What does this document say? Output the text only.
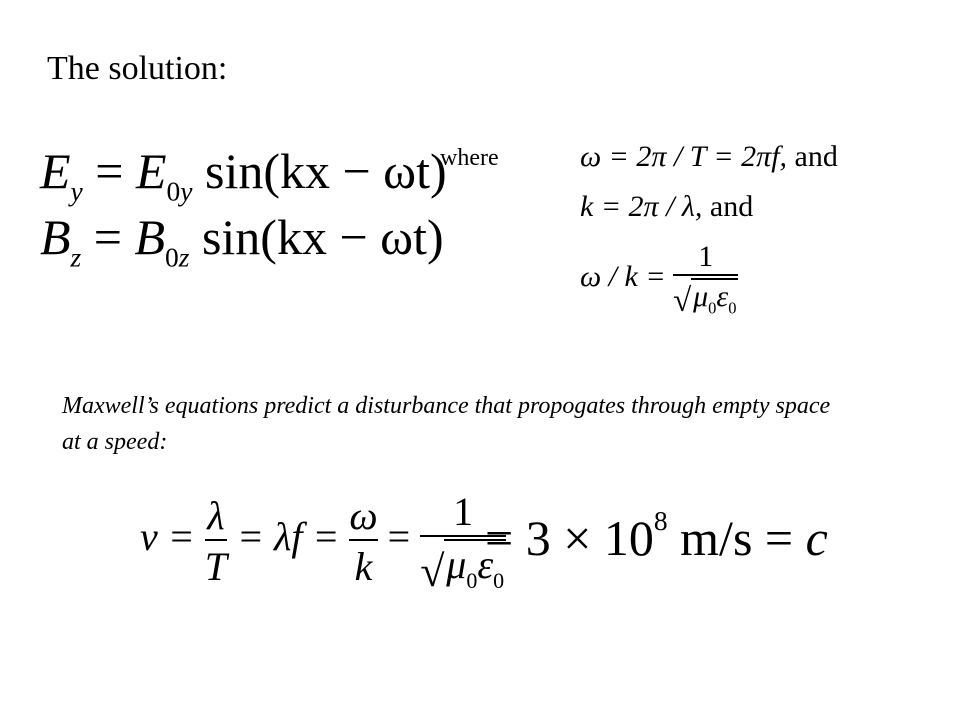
The solution:
$E_y = E_{0y}$ sin(kx − ωt)
$B_z = B_{0z}$ sin(kx − ωt)
where	ω = 2π / T = 2πf, and
k = 2π / λ, and
$\omega / k = \frac{1}{√ \mu_0\varepsilon_0}$
Maxwell’s equations predict a disturbance that propogates through empty space at a speed:
$v = \frac{\lambda}{T} = \lambda f = \frac{\omega}{k} = \frac{1}{√ \mu_0\varepsilon_0}$
= $3 \times 10^8$ m/s = c
